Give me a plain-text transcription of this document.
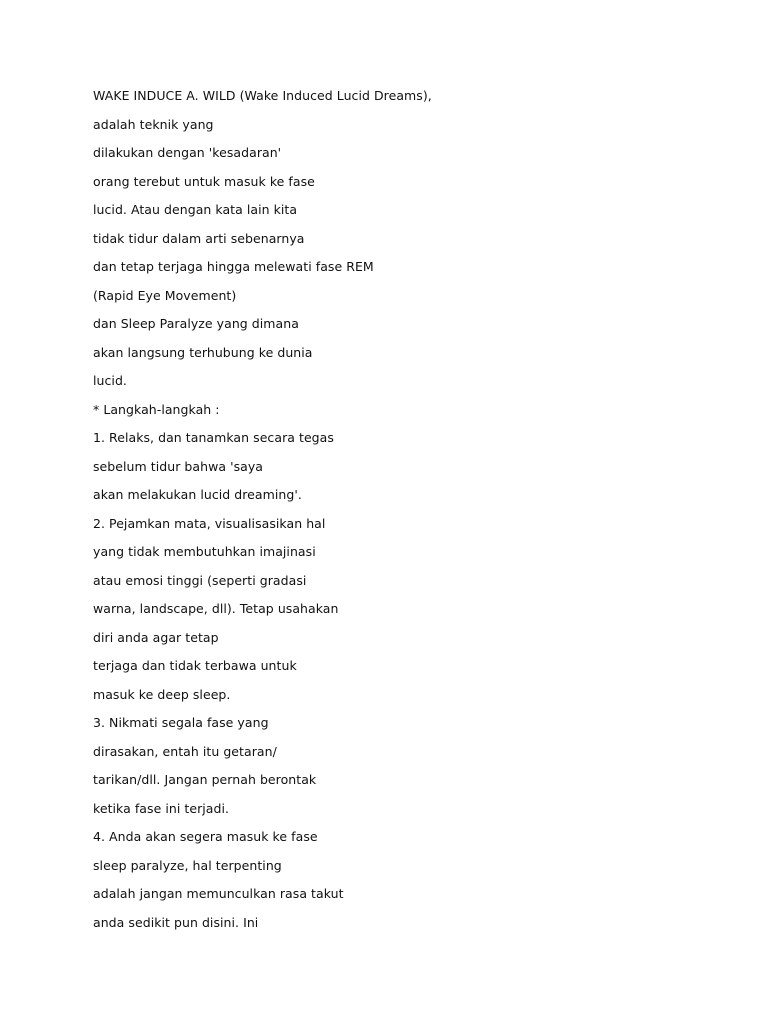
WAKE INDUCE A. WILD (Wake Induced Lucid Dreams),
adalah teknik yang
dilakukan dengan 'kesadaran'
orang terebut untuk masuk ke fase
lucid. Atau dengan kata lain kita
tidak tidur dalam arti sebenarnya
dan tetap terjaga hingga melewati fase REM
(Rapid Eye Movement)
dan Sleep Paralyze yang dimana
akan langsung terhubung ke dunia
lucid.
* Langkah-langkah :
1. Relaks, dan tanamkan secara tegas
sebelum tidur bahwa 'saya
akan melakukan lucid dreaming'.
2. Pejamkan mata, visualisasikan hal
yang tidak membutuhkan imajinasi
atau emosi tinggi (seperti gradasi
warna, landscape, dll). Tetap usahakan
diri anda agar tetap
terjaga dan tidak terbawa untuk
masuk ke deep sleep.
3. Nikmati segala fase yang
dirasakan, entah itu getaran/
tarikan/dll. Jangan pernah berontak
ketika fase ini terjadi.
4. Anda akan segera masuk ke fase
sleep paralyze, hal terpenting
adalah jangan memunculkan rasa takut
anda sedikit pun disini. Ini
